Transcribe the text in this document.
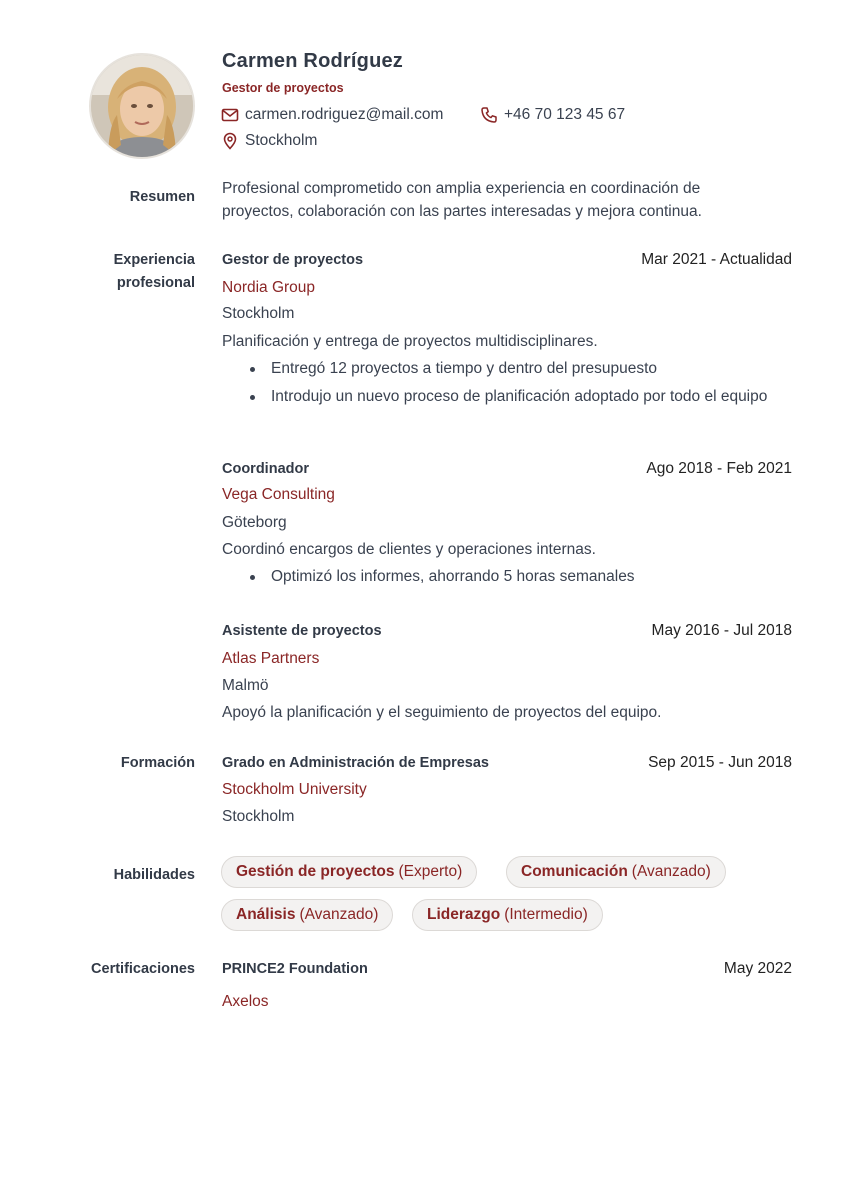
Carmen Rodríguez
Gestor de proyectos
carmen.rodriguez@mail.com	+46 70 123 45 67
Stockholm
Resumen Profesional comprometido con amplia experiencia en coordinación de
proyectos, colaboración con las partes interesadas y mejora continua.
Experiencia
profesional
Gestor de proyectos	Mar 2021 - Actualidad
Nordia Group
Stockholm
Planificación y entrega de proyectos multidisciplinares.
Entregó 12 proyectos a tiempo y dentro del presupuesto
Introdujo un nuevo proceso de planificación adoptado por todo el equipo
Coordinador	Ago 2018 - Feb 2021
Vega Consulting
Göteborg
Coordinó encargos de clientes y operaciones internas.
Optimizó los informes, ahorrando 5 horas semanales
Asistente de proyectos	May 2016 - Jul 2018
Atlas Partners
Malmö
Apoyó la planificación y el seguimiento de proyectos del equipo.
Formación Grado en Administración de Empresas	Sep 2015 - Jun 2018
Stockholm University
Stockholm
Habilidades	Gestión de proyectos (Experto)	Comunicación (Avanzado)
Análisis (Avanzado)	Liderazgo (Intermedio)
Certificaciones PRINCE2 Foundation	May 2022
Axelos
